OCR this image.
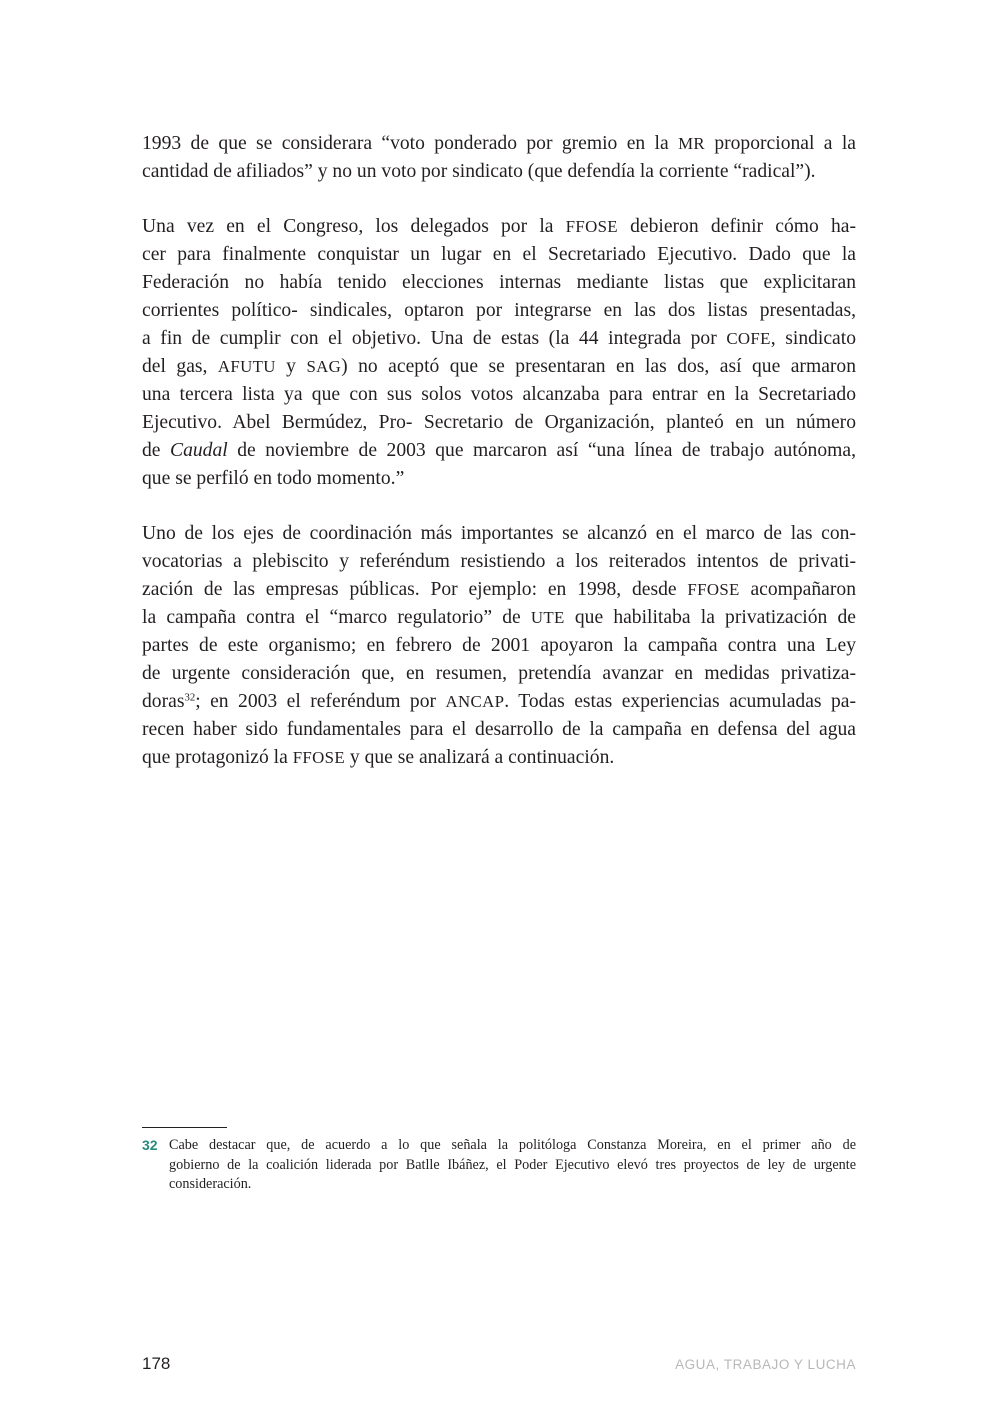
1993 de que se considerara “voto ponderado por gremio en la MR proporcional a la
cantidad de afiliados” y no un voto por sindicato (que defendía la corriente “radical”).

Una vez en el Congreso, los delegados por la FFOSE debieron definir cómo ha-
cer para finalmente conquistar un lugar en el Secretariado Ejecutivo. Dado que la
Federación no había tenido elecciones internas mediante listas que explicitaran
corrientes político- sindicales, optaron por integrarse en las dos listas presentadas,
a fin de cumplir con el objetivo. Una de estas (la 44 integrada por COFE, sindicato
del gas, AFUTU y SAG) no aceptó que se presentaran en las dos, así que armaron
una tercera lista ya que con sus solos votos alcanzaba para entrar en la Secretariado
Ejecutivo. Abel Bermúdez, Pro- Secretario de Organización, planteó en un número
de Caudal de noviembre de 2003 que marcaron así “una línea de trabajo autónoma,
que se perfiló en todo momento.”

Uno de los ejes de coordinación más importantes se alcanzó en el marco de las con-
vocatorias a plebiscito y referéndum resistiendo a los reiterados intentos de privati-
zación de las empresas públicas. Por ejemplo: en 1998, desde FFOSE acompañaron
la campaña contra el “marco regulatorio” de UTE que habilitaba la privatización de
partes de este organismo; en febrero de 2001 apoyaron la campaña contra una Ley
de urgente consideración que, en resumen, pretendía avanzar en medidas privatiza-
doras$^{32}$; en 2003 el referéndum por ANCAP. Todas estas experiencias acumuladas pa-
recen haber sido fundamentales para el desarrollo de la campaña en defensa del agua
que protagonizó la FFOSE y que se analizará a continuación.

32 Cabe destacar que, de acuerdo a lo que señala la politóloga Constanza Moreira, en el primer año de
gobierno de la coalición liderada por Batlle Ibáñez, el Poder Ejecutivo elevó tres proyectos de ley de urgente
consideración.
178	AGUA, TRABAJO Y LUCHA
